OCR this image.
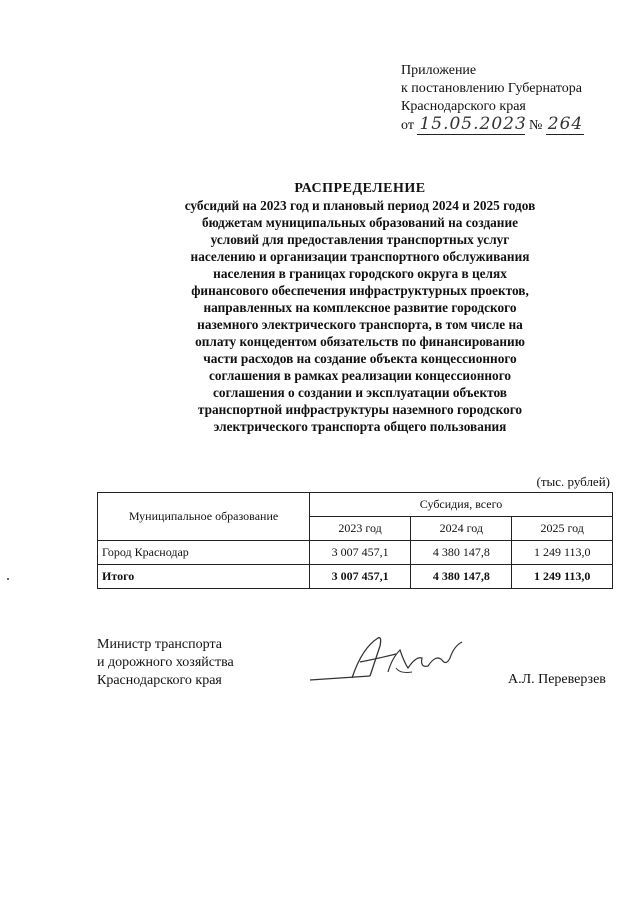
Приложение
к постановлению Губернатора
Краснодарского края
от 15.05.2023 № 264
РАСПРЕДЕЛЕНИЕ
субсидий на 2023 год и плановый период 2024 и 2025 годов
бюджетам муниципальных образований на создание
условий для предоставления транспортных услуг
населению и организации транспортного обслуживания
населения в границах городского округа в целях
финансового обеспечения инфраструктурных проектов,
направленных на комплексное развитие городского
наземного электрического транспорта, в том числе на
оплату концедентом обязательств по финансированию
части расходов на создание объекта концессионного
соглашения в рамках реализации концессионного
соглашения о создании и эксплуатации объектов
транспортной инфраструктуры наземного городского
электрического транспорта общего пользования
(тыс. рублей)
Муниципальное образование	Субсидия, всего		
	2023 год	2024 год	2025 год
Город Краснодар	3 007 457,1	4 380 147,8	1 249 113,0
Итого	3 007 457,1	4 380 147,8	1 249 113,0
Министр транспорта
и дорожного хозяйства
Краснодарского края	А.Л. Переверзев
